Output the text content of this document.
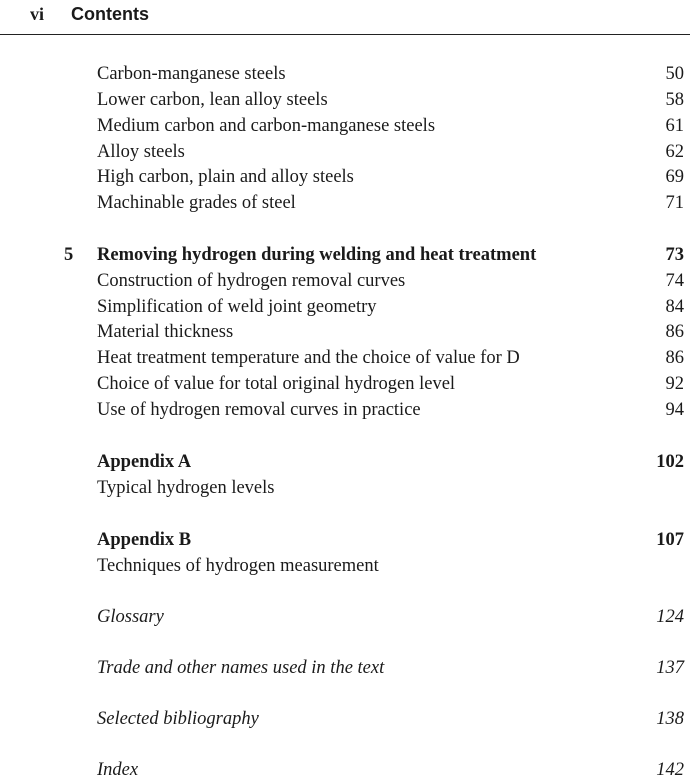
vi Contents
Carbon-manganese steels	50
Lower carbon, lean alloy steels	58
Medium carbon and carbon-manganese steels	61
Alloy steels	62
High carbon, plain and alloy steels	69
Machinable grades of steel	71
5 Removing hydrogen during welding and heat treatment	73
Construction of hydrogen removal curves	74
Simplification of weld joint geometry	84
Material thickness	86
Heat treatment temperature and the choice of value for D	86
Choice of value for total original hydrogen level	92
Use of hydrogen removal curves in practice	94
Appendix A	102
Typical hydrogen levels
Appendix B	107
Techniques of hydrogen measurement
Glossary	124
Trade and other names used in the text	137
Selected bibliography	138
Index	142
